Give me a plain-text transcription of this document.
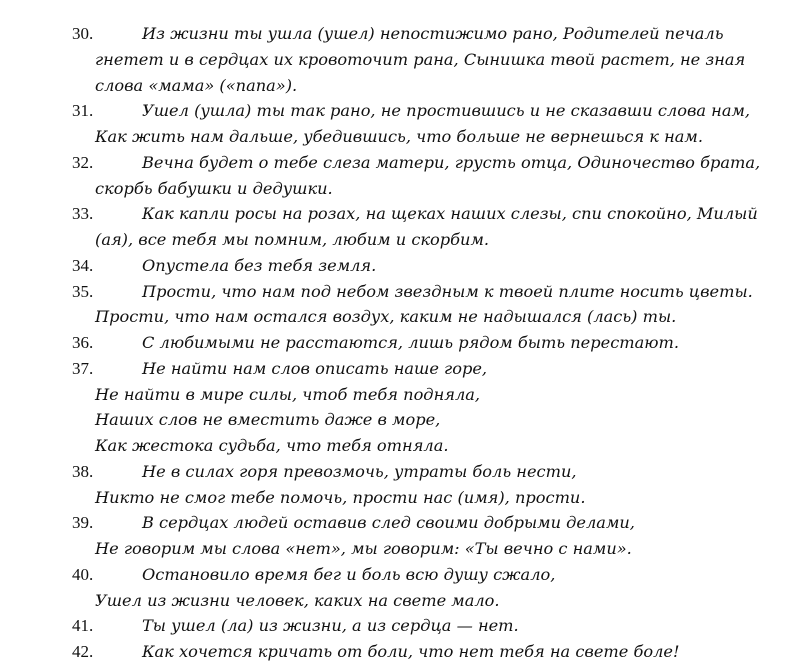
30.	Из жизни ты ушла (ушел) непостижимо рано, Родителей печаль
гнетет и в сердцах их кровоточит рана, Сынишка твой растет, не зная
слова «мама» («папа»).
31.	Ушел (ушла) ты так рано, не простившись и не сказавши слова нам,
Как жить нам дальше, убедившись, что больше не вернешься к нам.
32.	Вечна будет о тебе слеза матери, грусть отца, Одиночество брата,
скорбь бабушки и дедушки.
33.	Как капли росы на розах, на щеках наших слезы, спи спокойно, Милый
(ая), все тебя мы помним, любим и скорбим.
34.	Опустела без тебя земля.
35.	Прости, что нам под небом звездным к твоей плите носить цветы.
Прости, что нам остался воздух, каким не надышался (лась) ты.
36.	С любимыми не расстаются, лишь рядом быть перестают.
37.	Не найти нам слов описать наше горе,
Не найти в мире силы, чтоб тебя подняла,
Наших слов не вместить даже в море,
Как жестока судьба, что тебя отняла.
38.	Не в силах горя превозмочь, утраты боль нести,
Никто не смог тебе помочь, прости нас (имя), прости.
39.	В сердцах людей оставив след своими добрыми делами,
Не говорим мы слова «нет», мы говорим: «Ты вечно с нами».
40.	Остановило время бег и боль всю душу сжало,
Ушел из жизни человек, каких на свете мало.
41.	Ты ушел (ла) из жизни, а из сердца — нет.
42.	Как хочется кричать от боли, что нет тебя на свете боле!
